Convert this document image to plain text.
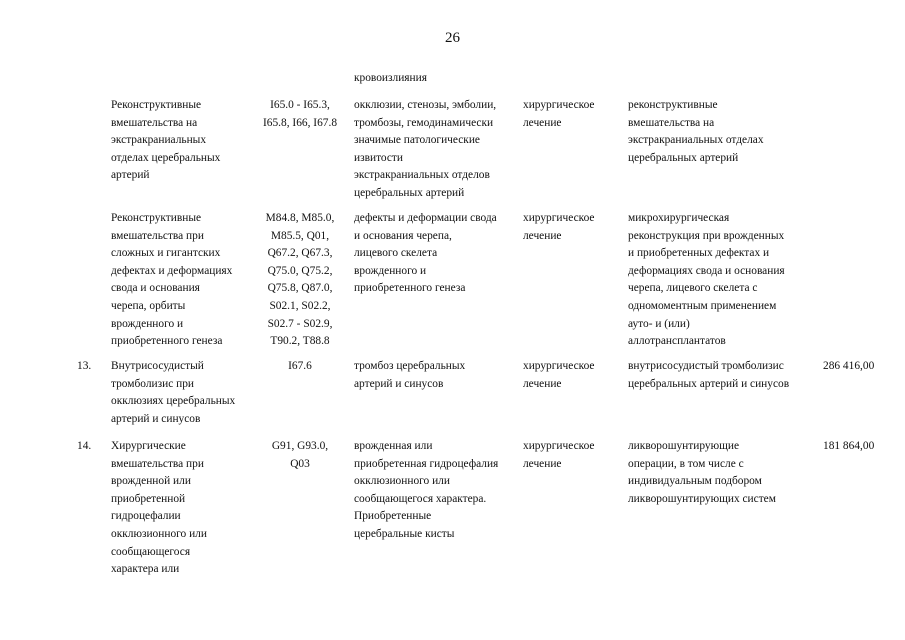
26
кровоизлияния
Реконструктивные
вмешательства на
экстракраниальных
отделах церебральных
артерий
I65.0 - I65.3,
I65.8, I66, I67.8
окклюзии, стенозы, эмболии,
тромбозы, гемодинамически
значимые патологические
извитости
экстракраниальных отделов
церебральных артерий
хирургическое
лечение
реконструктивные
вмешательства на
экстракраниальных отделах
церебральных артерий
Реконструктивные
вмешательства при
сложных и гигантских
дефектах и деформациях
свода и основания
черепа, орбиты
врожденного и
приобретенного генеза
M84.8, M85.0,
M85.5, Q01,
Q67.2, Q67.3,
Q75.0, Q75.2,
Q75.8, Q87.0,
S02.1, S02.2,
S02.7 - S02.9,
T90.2, T88.8
дефекты и деформации свода
и основания черепа,
лицевого скелета
врожденного и
приобретенного генеза
хирургическое
лечение
микрохирургическая
реконструкция при врожденных
и приобретенных дефектах и
деформациях свода и основания
черепа, лицевого скелета с
одномоментным применением
ауто- и (или)
аллотрансплантатов
13. Внутрисосудистый
тромболизис при
окклюзиях церебральных
артерий и синусов
I67.6	тромбоз церебральных
артерий и синусов
хирургическое
лечение
внутрисосудистый тромболизис
церебральных артерий и синусов
286 416,00
14. Хирургические
вмешательства при
врожденной или
приобретенной
гидроцефалии
окклюзионного или
сообщающегося
характера или
G91, G93.0,
Q03
врожденная или
приобретенная гидроцефалия
окклюзионного или
сообщающегося характера.
Приобретенные
церебральные кисты
хирургическое
лечение
ликворошунтирующие
операции, в том числе с
индивидуальным подбором
ликворошунтирующих систем
181 864,00
